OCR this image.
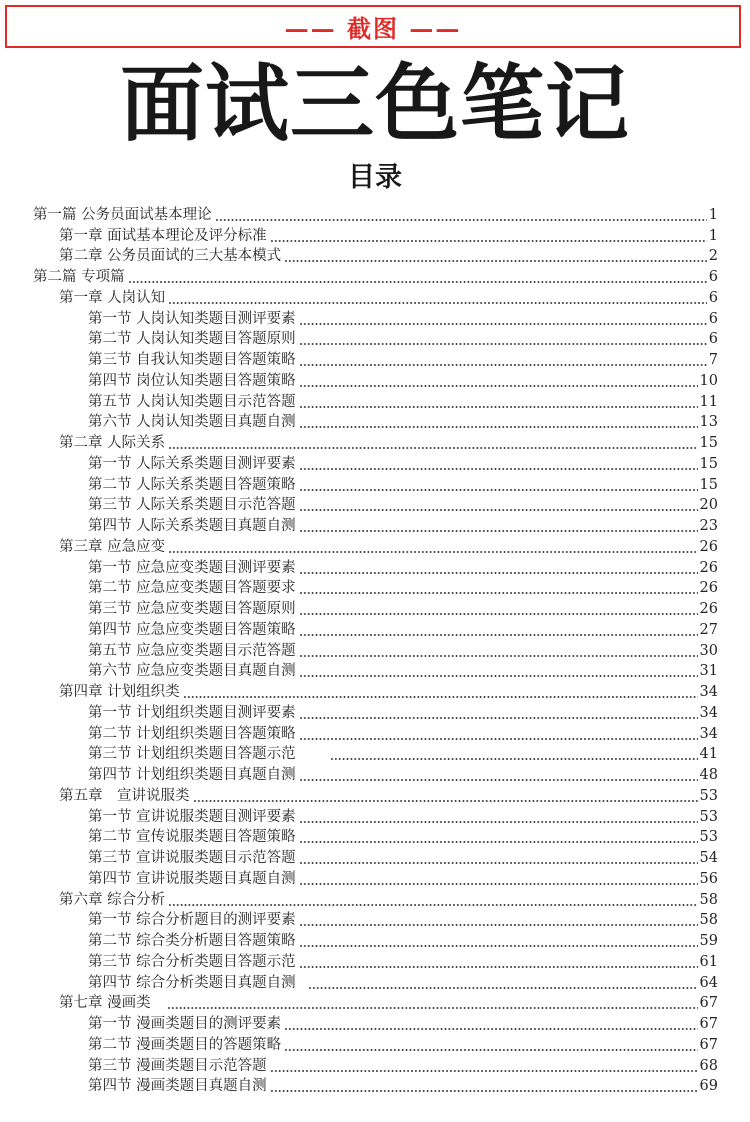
—— 截图 ——
面试三色笔记
目录
第一篇 公务员面试基本理论	1
第一章 面试基本理论及评分标准	1
第二章 公务员面试的三大基本模式	2
第二篇 专项篇	6
第一章 人岗认知	6
第一节 人岗认知类题目测评要素	6
第二节 人岗认知类题目答题原则	6
第三节 自我认知类题目答题策略	7
第四节 岗位认知类题目答题策略	10
第五节 人岗认知类题目示范答题	11
第六节 人岗认知类题目真题自测	13
第二章 人际关系	15
第一节 人际关系类题目测评要素	15
第二节 人际关系类题目答题策略	15
第三节 人际关系类题目示范答题	20
第四节 人际关系类题目真题自测	23
第三章 应急应变	26
第一节 应急应变类题目测评要素	26
第二节 应急应变类题目答题要求	26
第三节 应急应变类题目答题原则	26
第四节 应急应变类题目答题策略	27
第五节 应急应变类题目示范答题	30
第六节 应急应变类题目真题自测	31
第四章 计划组织类	34
第一节 计划组织类题目测评要素	34
第二节 计划组织类题目答题策略	34
第三节 计划组织类题目答题示范	41
第四节 计划组织类题目真题自测	48
第五章　宣讲说服类	53
第一节 宣讲说服类题目测评要素	53
第二节 宣传说服类题目答题策略	53
第三节 宣讲说服类题目示范答题	54
第四节 宣讲说服类题目真题自测	56
第六章 综合分析	58
第一节 综合分析题目的测评要素	58
第二节 综合类分析题目答题策略	59
第三节 综合分析类题目答题示范	61
第四节 综合分析类题目真题自测	64
第七章 漫画类	67
第一节 漫画类题目的测评要素	67
第二节 漫画类题目的答题策略	67
第三节 漫画类题目示范答题	68
第四节 漫画类题目真题自测	69
